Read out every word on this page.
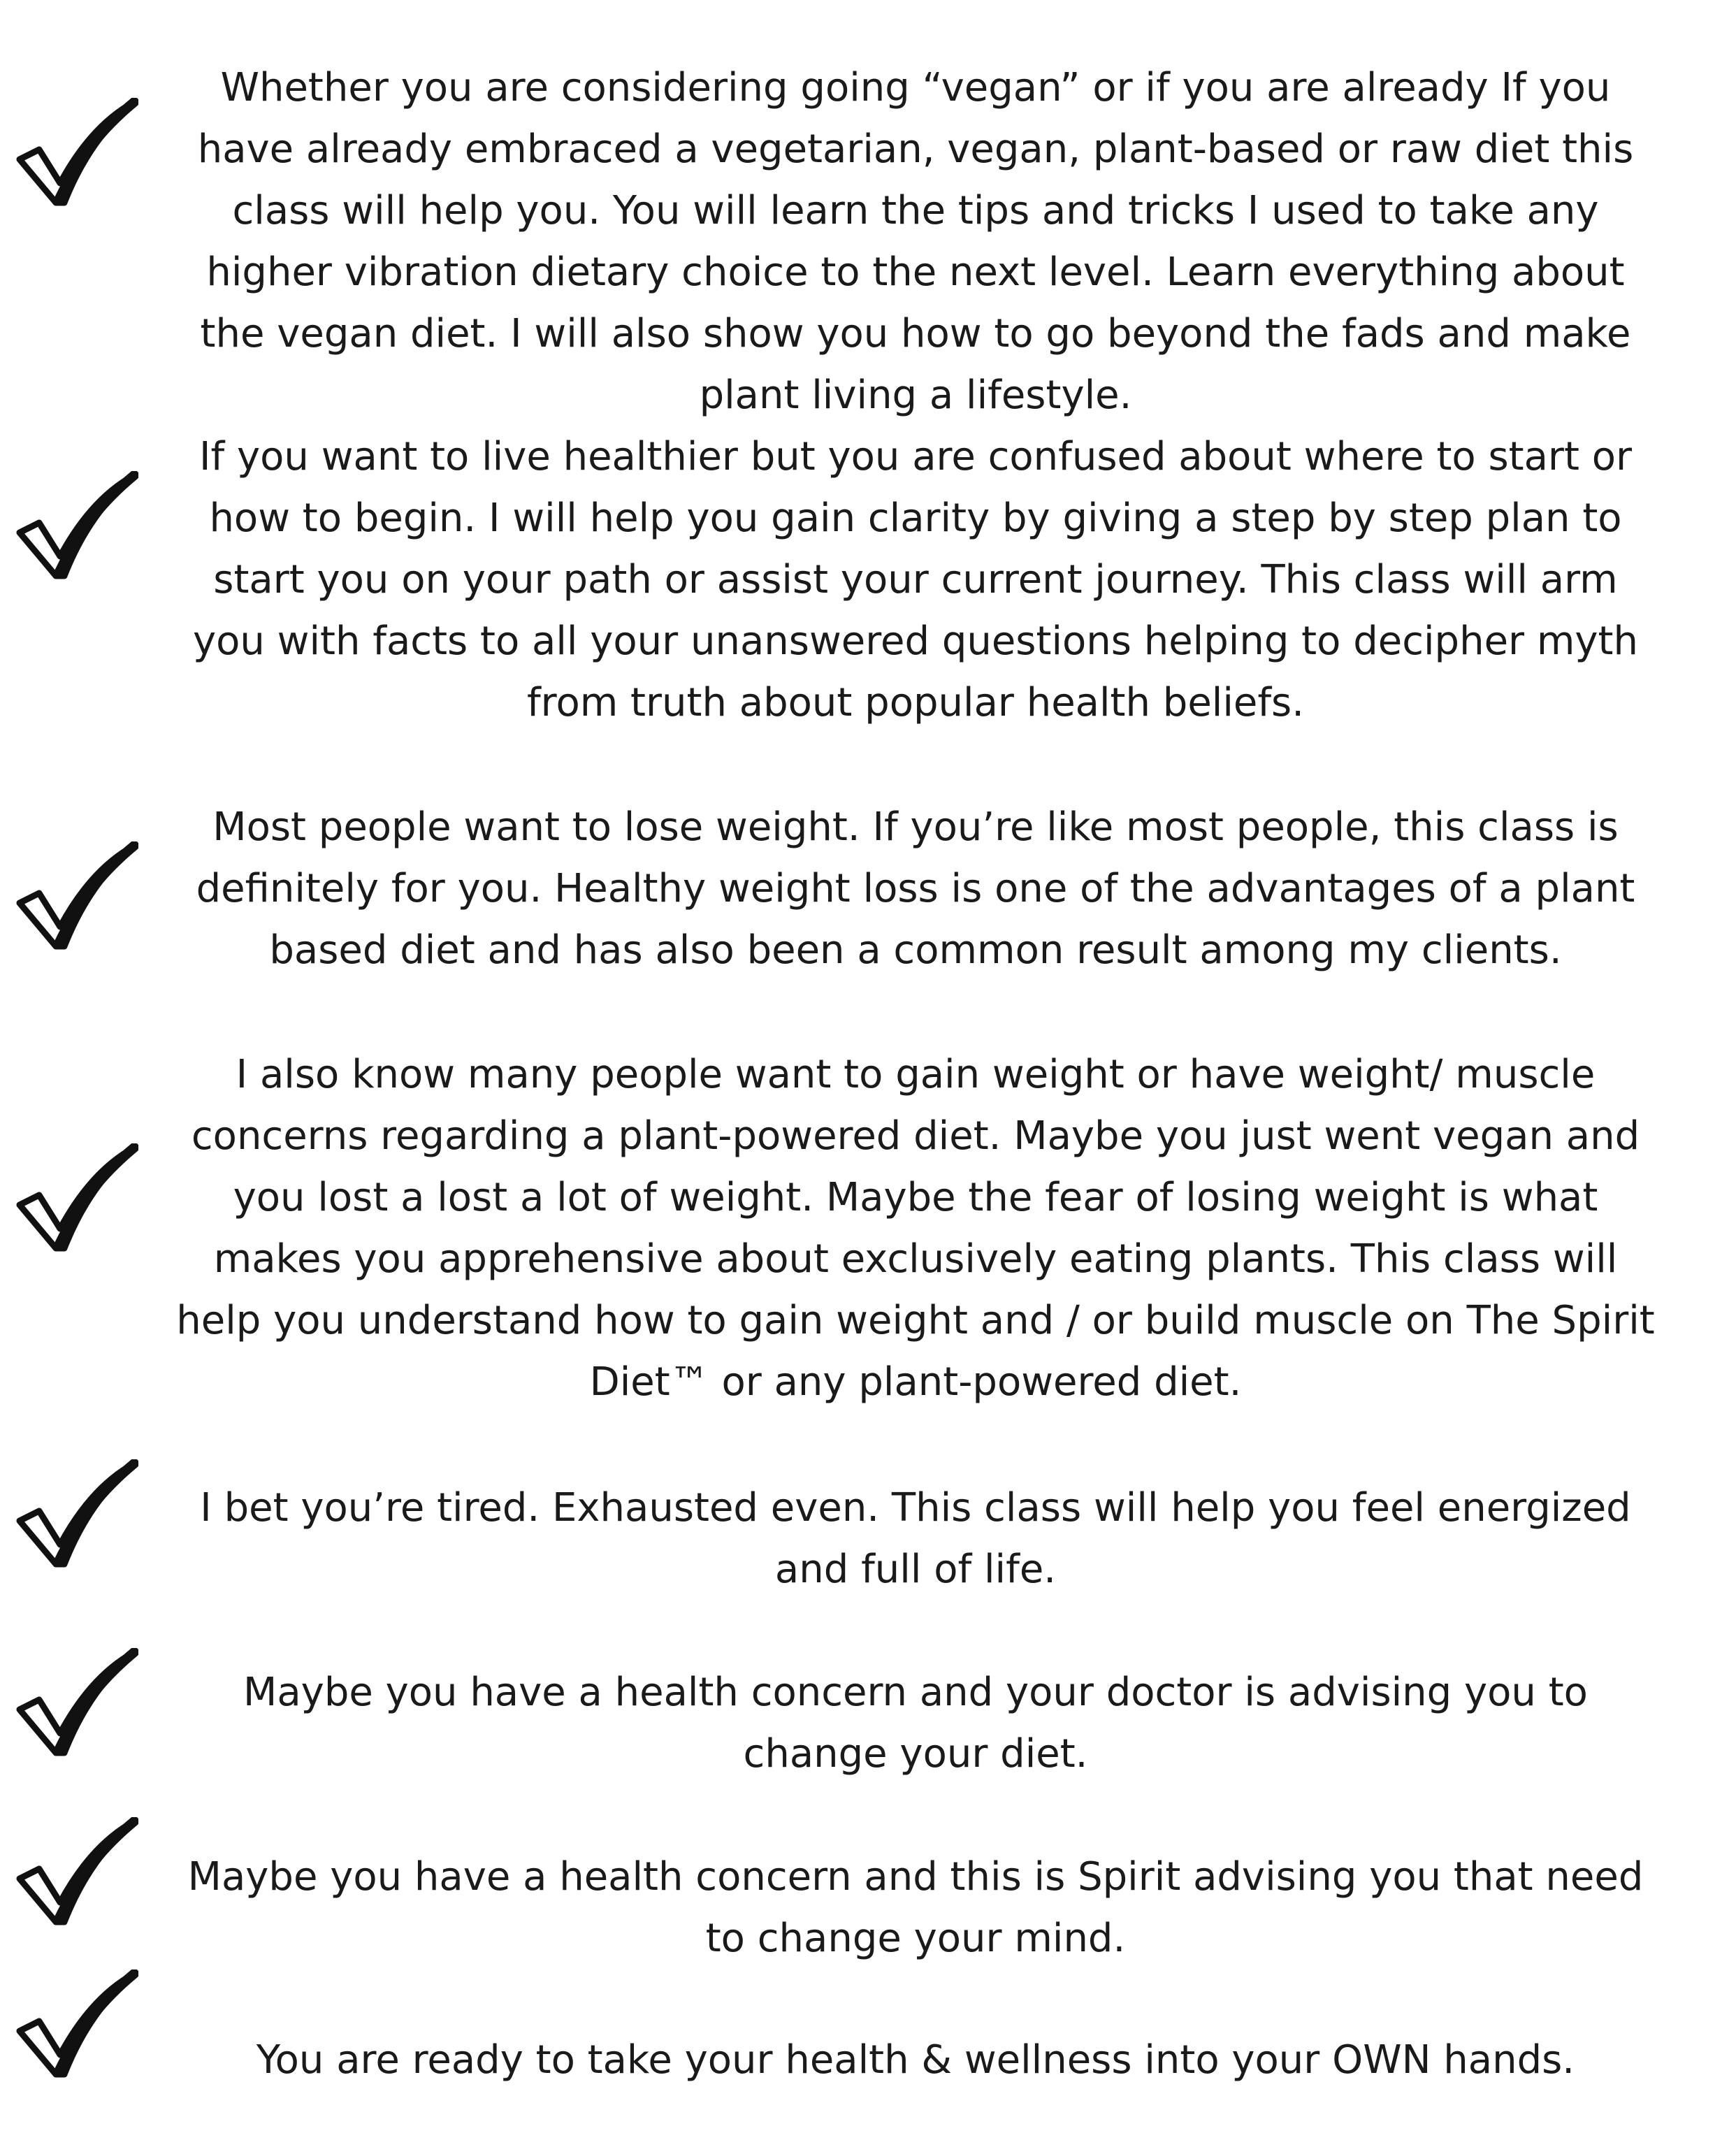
Whether you are considering going “vegan” or if you are already If you have already embraced a vegetarian, vegan, plant-based or raw diet this class will help you. You will learn the tips and tricks I used to take any higher vibration dietary choice to the next level. Learn everything about the vegan diet. I will also show you how to go beyond the fads and make plant living a lifestyle.

If you want to live healthier but you are confused about where to start or how to begin. I will help you gain clarity by giving a step by step plan to start you on your path or assist your current journey. This class will arm you with facts to all your unanswered questions helping to decipher myth from truth about popular health beliefs.

Most people want to lose weight. If you’re like most people, this class is definitely for you. Healthy weight loss is one of the advantages of a plant based diet and has also been a common result among my clients.

I also know many people want to gain weight or have weight/ muscle concerns regarding a plant-powered diet. Maybe you just went vegan and you lost a lost a lot of weight. Maybe the fear of losing weight is what makes you apprehensive about exclusively eating plants. This class will help you understand how to gain weight and / or build muscle on The Spirit Diet™ or any plant-powered diet.

I bet you’re tired. Exhausted even. This class will help you feel energized and full of life.

Maybe you have a health concern and your doctor is advising you to change your diet.

Maybe you have a health concern and this is Spirit advising you that need to change your mind.

You are ready to take your health & wellness into your OWN hands.
